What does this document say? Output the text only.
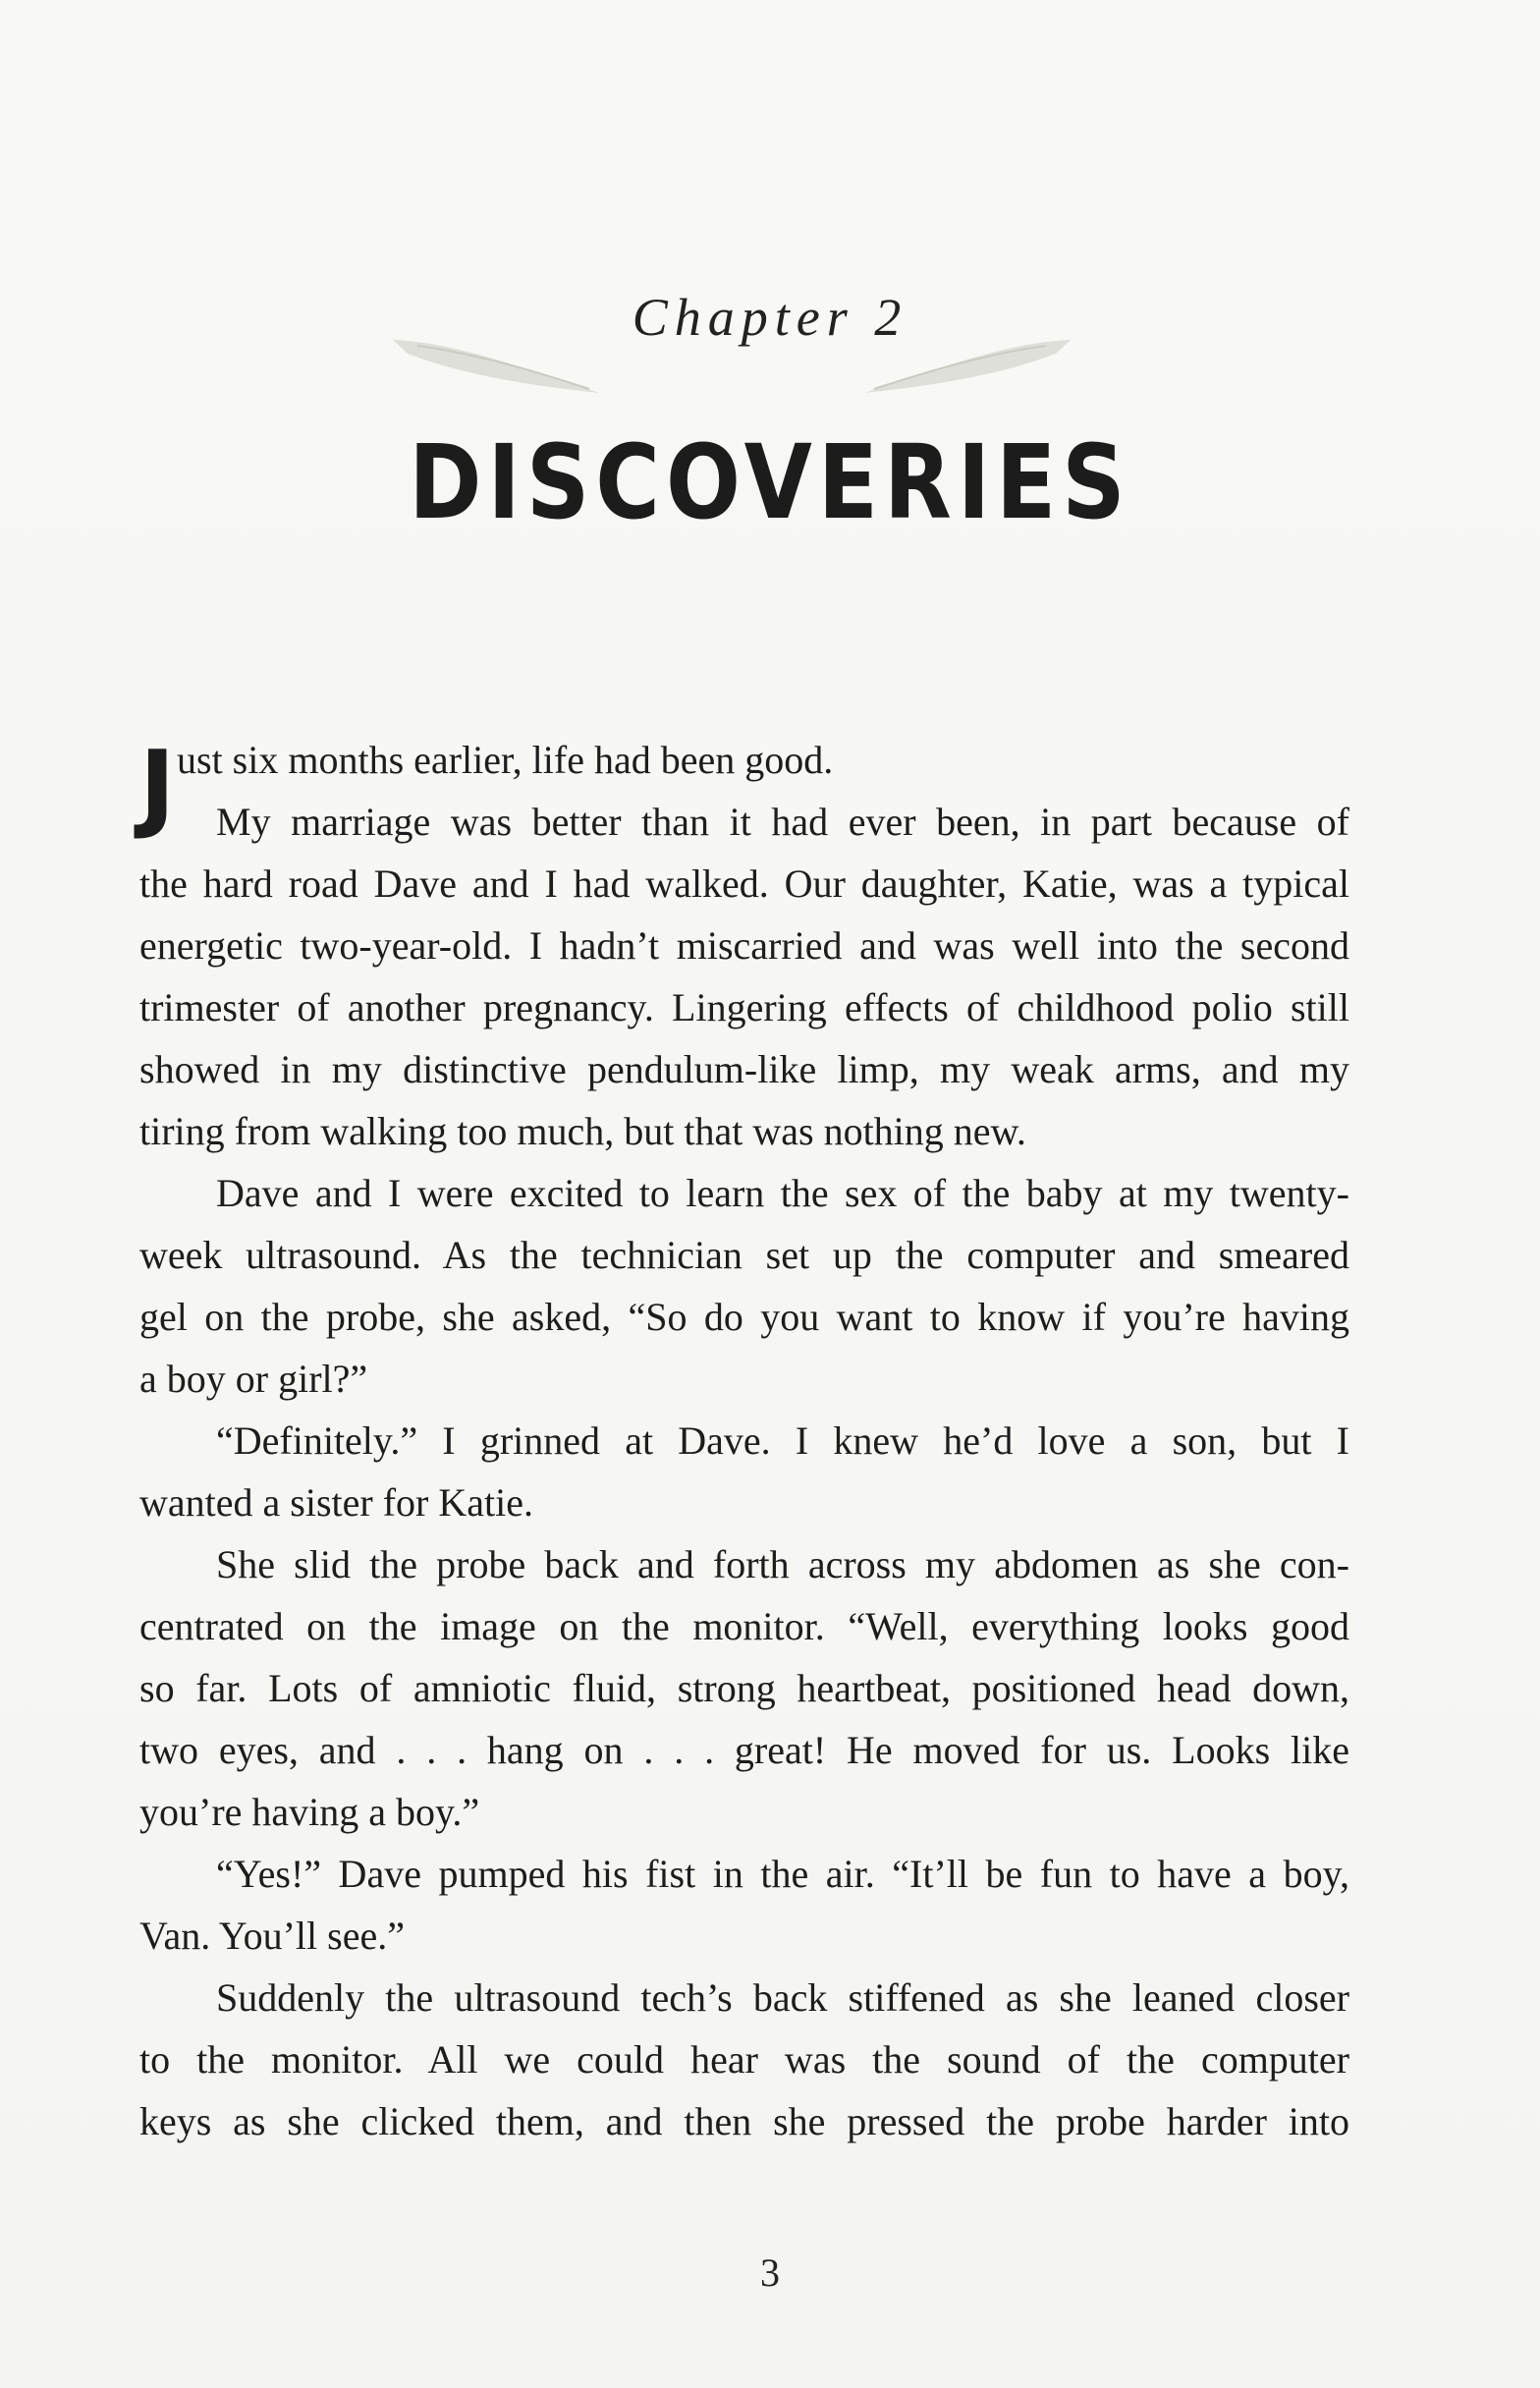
Chapter 2
DISCOVERIES
J ust six months earlier, life had been good.
My marriage was better than it had ever been, in part because of
the hard road Dave and I had walked. Our daughter, Katie, was a typical
energetic two-year-old. I hadn’t miscarried and was well into the second
trimester of another pregnancy. Lingering effects of childhood polio still
showed in my distinctive pendulum-like limp, my weak arms, and my
tiring from walking too much, but that was nothing new.
Dave and I were excited to learn the sex of the baby at my twenty-
week ultrasound. As the technician set up the computer and smeared
gel on the probe, she asked, “So do you want to know if you’re having
a boy or girl?”
“Definitely.” I grinned at Dave. I knew he’d love a son, but I
wanted a sister for Katie.
She slid the probe back and forth across my abdomen as she con-
centrated on the image on the monitor. “Well, everything looks good
so far. Lots of amniotic fluid, strong heartbeat, positioned head down,
two eyes, and . . . hang on . . . great! He moved for us. Looks like
you’re having a boy.”
“Yes!” Dave pumped his fist in the air. “It’ll be fun to have a boy,
Van. You’ll see.”
Suddenly the ultrasound tech’s back stiffened as she leaned closer
to the monitor. All we could hear was the sound of the computer
keys as she clicked them, and then she pressed the probe harder into
3
